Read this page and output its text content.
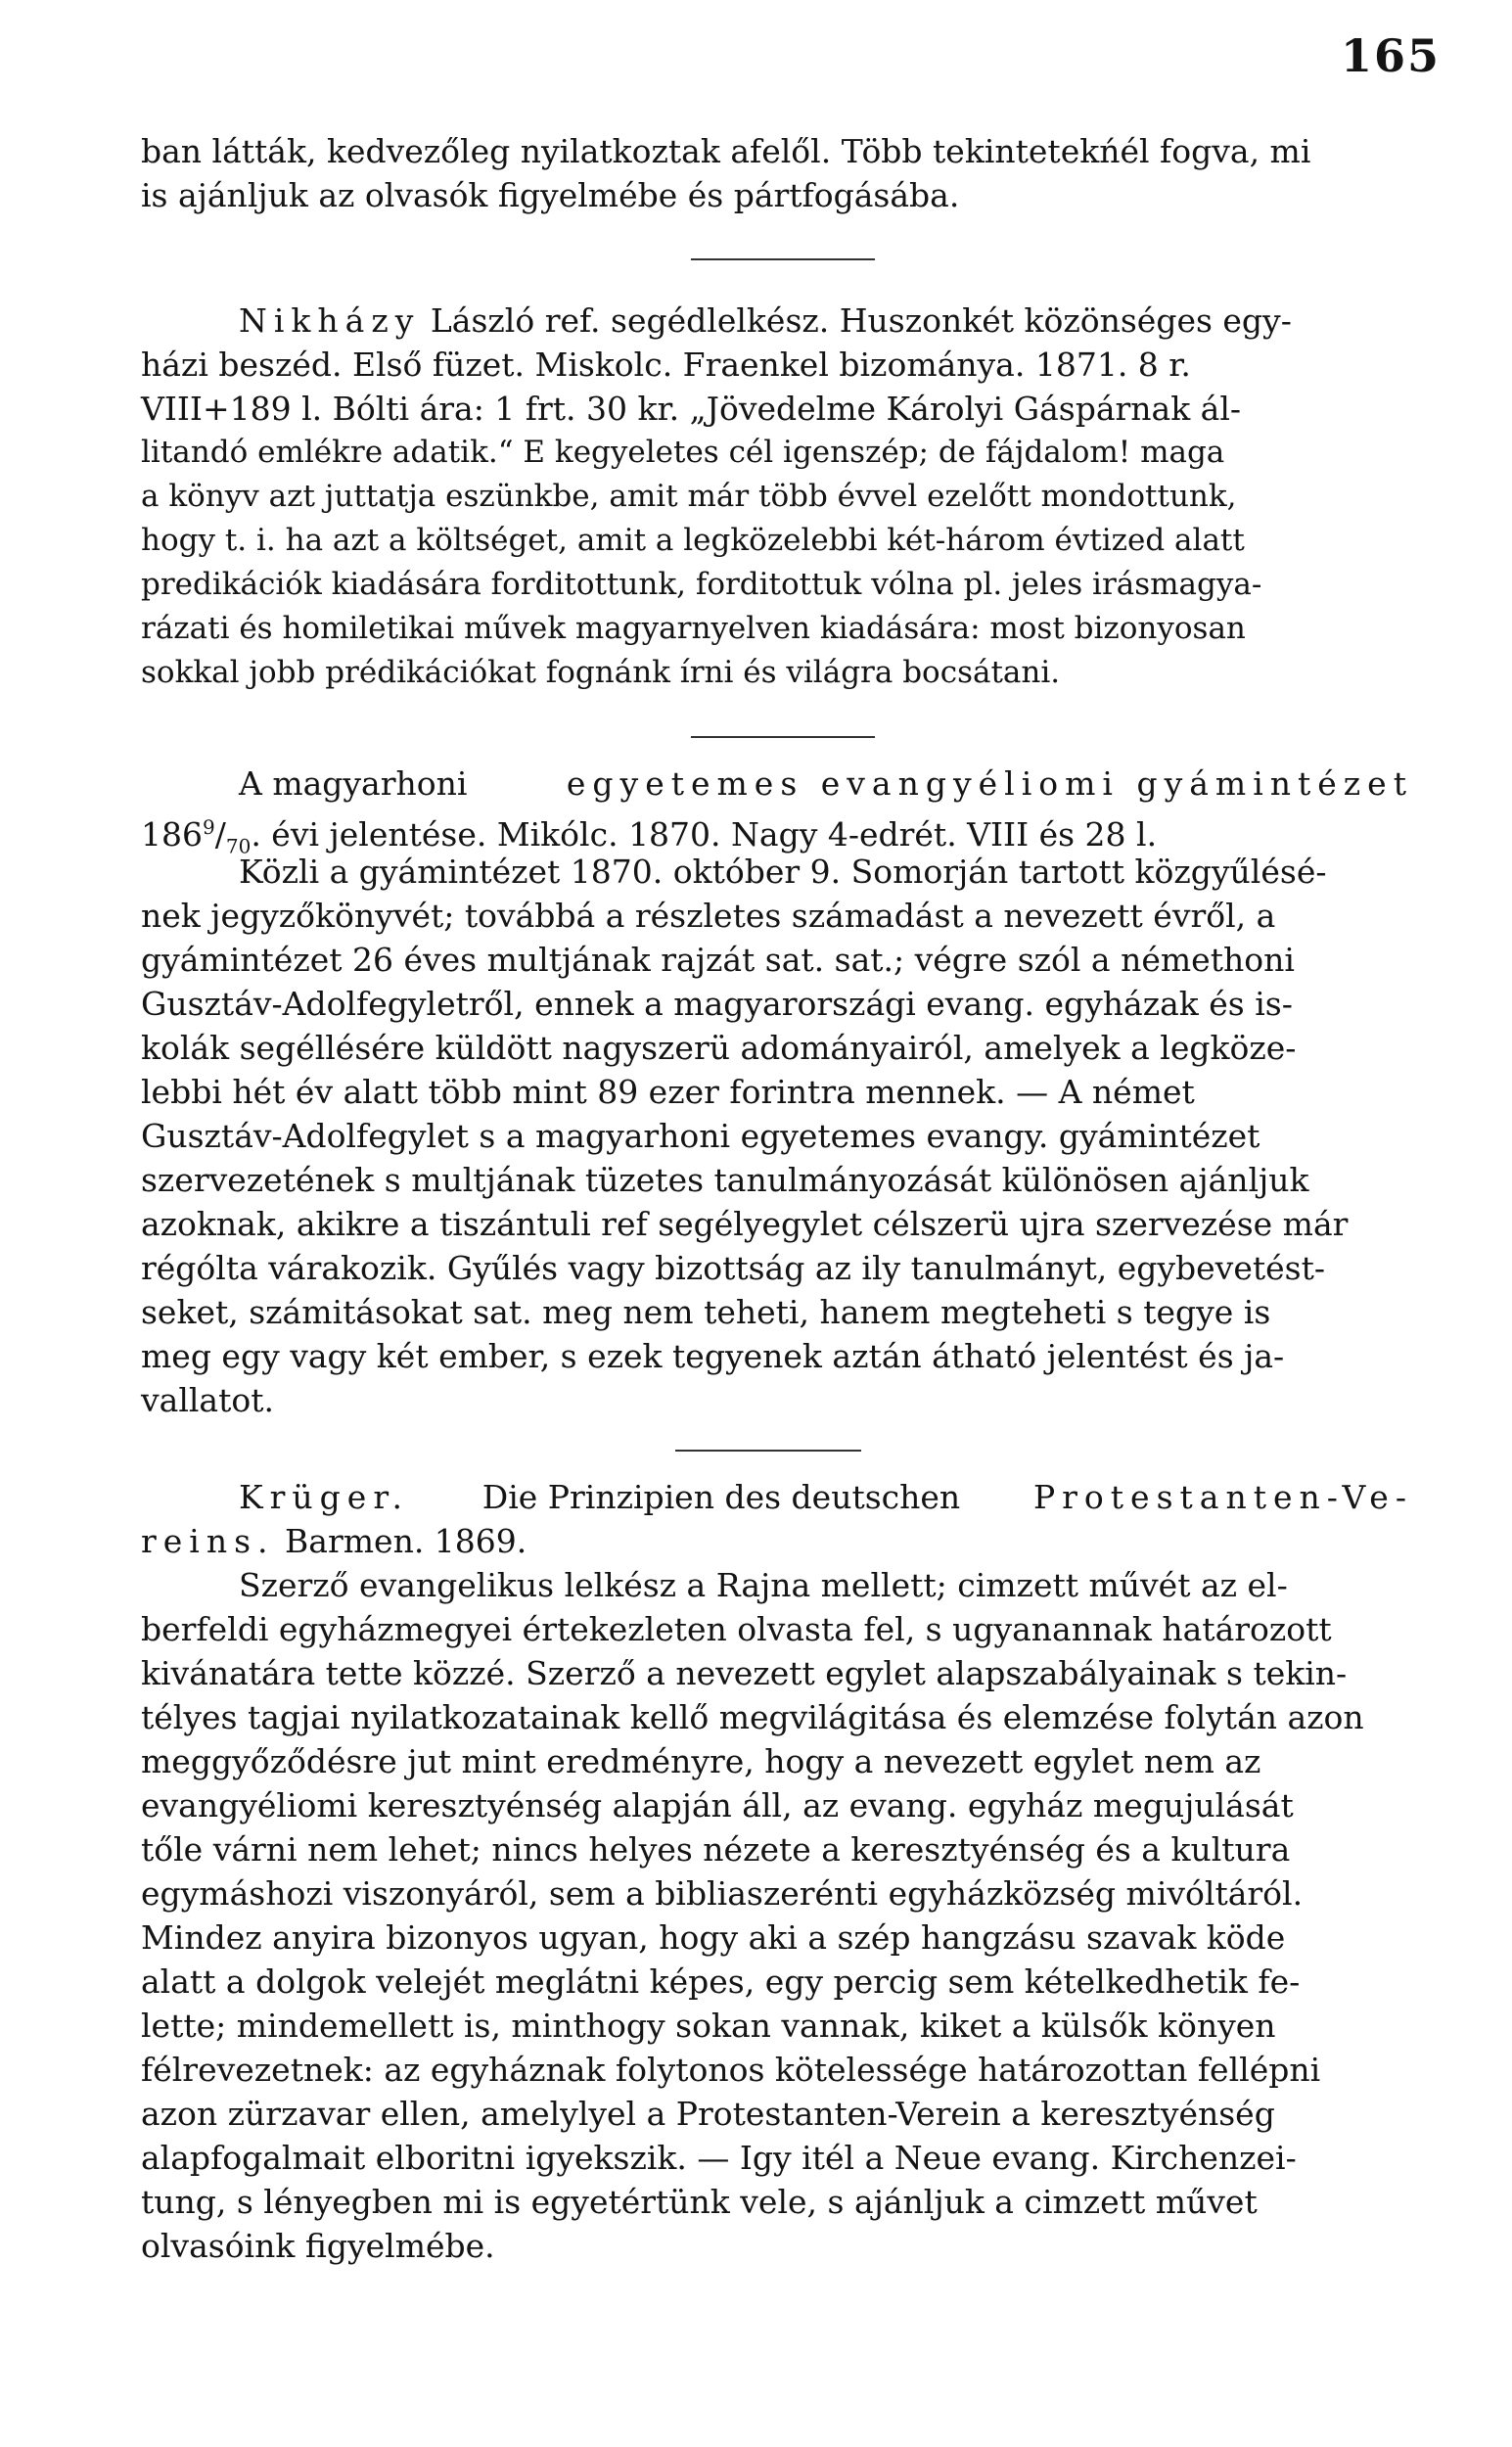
165
ban látták, kedvezőleg nyilatkoztak afelől. Több tekintetekńél fogva, mi
is ajánljuk az olvasók figyelmébe és pártfogásába.
Nikházy
László ref. segédlelkész. Huszonkét közönséges egy-
házi beszéd. Első füzet. Miskolc. Fraenkel bizománya. 1871. 8 r.
VIII+189 l. Bólti ára: 1 frt. 30 kr. „Jövedelme Károlyi Gáspárnak ál-
litandó emlékre adatik.“ E kegyeletes cél igenszép; de fájdalom! maga
a könyv azt juttatja eszünkbe, amit már több évvel ezelőtt mondottunk,
hogy t. i. ha azt a költséget, amit a legközelebbi két-három évtized alatt
predikációk kiadására forditottunk, forditottuk vólna pl. jeles irásmagya-
rázati és homiletikai művek magyarnyelven kiadására: most bizonyosan
sokkal jobb prédikációkat fognánk írni és világra bocsátani.
A magyarhoni
	egyetemes evangyéliomi gyámintézet
$186^9/_{70}$. évi jelentése. Mikólc. 1870. Nagy 4-edrét. VIII és 28 l.
Közli a gyámintézet 1870. október 9. Somorján tartott közgyűlésé-
nek jegyzőkönyvét; továbbá a részletes számadást a nevezett évről, a
gyámintézet 26 éves multjának rajzát sat. sat.; végre szól a némethoni
Gusztáv-Adolfegyletről, ennek a magyarországi evang. egyházak és is-
kolák segéllésére küldött nagyszerü adományairól, amelyek a legköze-
lebbi hét év alatt több mint 89 ezer forintra mennek. — A német
Gusztáv-Adolfegylet s a magyarhoni egyetemes evangy. gyámintézet
szervezetének s multjának tüzetes tanulmányozását különösen ajánljuk
azoknak, akikre a tiszántuli ref segélyegylet célszerü ujra szervezése már
régólta várakozik. Gyűlés vagy bizottság az ily tanulmányt, egybevetést-
seket, számitásokat sat. meg nem teheti, hanem megteheti s tegye is
meg egy vagy két ember, s ezek tegyenek aztán átható jelentést és ja-
vallatot.
Krüger. Die Prinzipien des deutschen Protestanten-Ve-
reins.
Barmen. 1869.
Szerző evangelikus lelkész a Rajna mellett; cimzett művét az el-
berfeldi egyházmegyei értekezleten olvasta fel, s ugyanannak határozott
kivánatára tette közzé. Szerző a nevezett egylet alapszabályainak s tekin-
télyes tagjai nyilatkozatainak kellő megvilágitása és elemzése folytán azon
meggyőződésre jut mint eredményre, hogy a nevezett egylet nem az
evangyéliomi keresztyénség alapján áll, az evang. egyház megujulását
tőle várni nem lehet; nincs helyes nézete a keresztyénség és a kultura
egymáshozi viszonyáról, sem a bibliaszerénti egyházközség mivóltáról.
Mindez anyira bizonyos ugyan, hogy aki a szép hangzásu szavak köde
alatt a dolgok velejét meglátni képes, egy percig sem kételkedhetik fe-
lette; mindemellett is, minthogy sokan vannak, kiket a külsők könyen
félrevezetnek: az egyháznak folytonos kötelessége határozottan fellépni
azon zürzavar ellen, amelylyel a Protestanten-Verein a keresztyénség
alapfogalmait elboritni igyekszik. — Igy itél a Neue evang. Kirchenzei-
tung, s lényegben mi is egyetértünk vele, s ajánljuk a cimzett művet
olvasóink figyelmébe.
